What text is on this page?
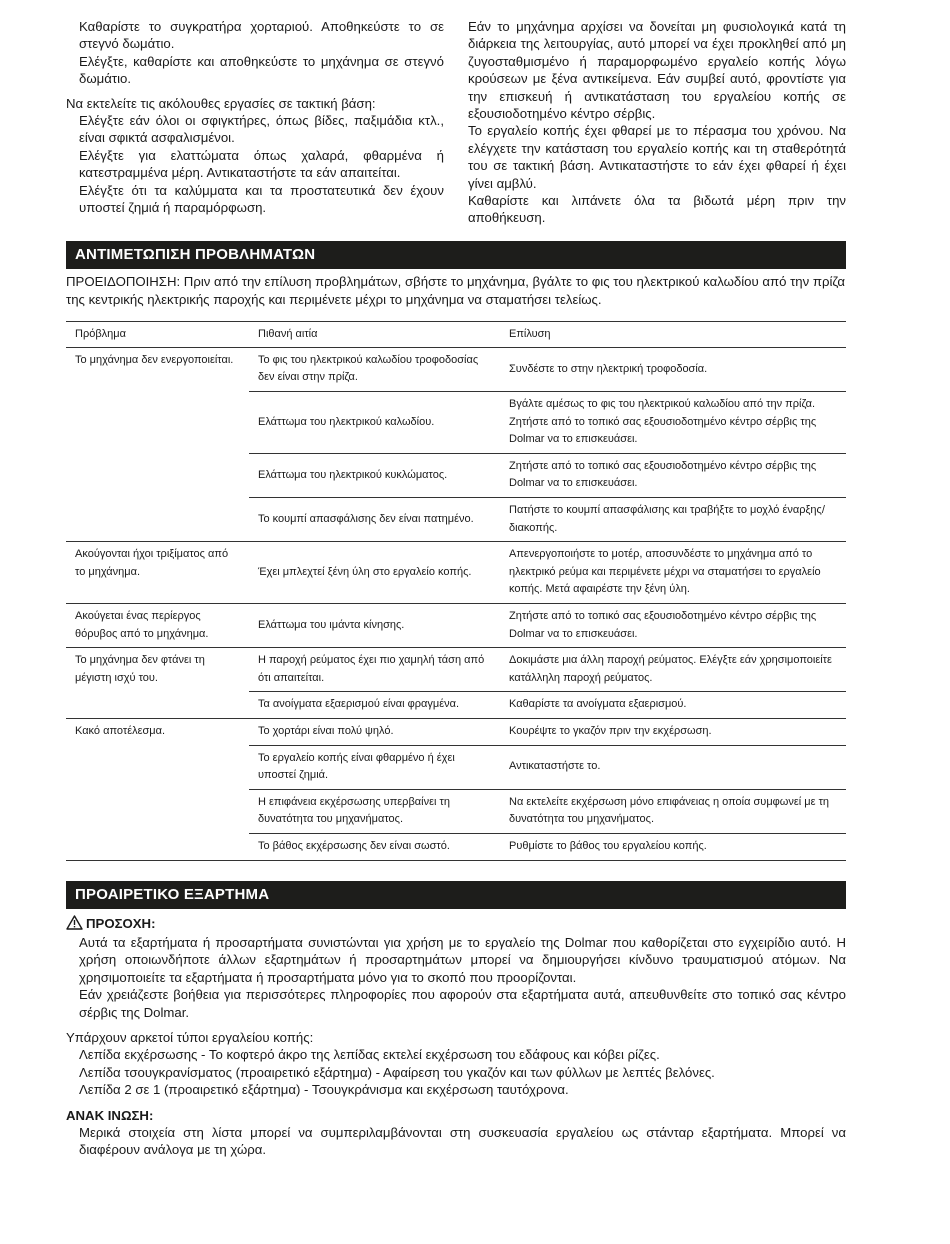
Καθαρίστε το συγκρατήρα χορταριού. Αποθηκεύστε το σε στεγνό δωμάτιο.

Ελέγξτε, καθαρίστε και αποθηκεύστε το μηχάνημα σε στεγνό δωμάτιο.

Να εκτελείτε τις ακόλουθες εργασίες σε τακτική βάση:

Ελέγξτε εάν όλοι οι σφιγκτήρες, όπως βίδες, παξιμάδια κτλ., είναι σφικτά ασφαλισμένοι.

Ελέγξτε για ελαττώματα όπως χαλαρά, φθαρμένα ή κατεστραμμένα μέρη. Αντικαταστήστε τα εάν απαιτείται.

Ελέγξτε ότι τα καλύμματα και τα προστατευτικά δεν έχουν υποστεί ζημιά ή παραμόρφωση.

Εάν το μηχάνημα αρχίσει να δονείται μη φυσιολογικά κατά τη διάρκεια της λειτουργίας, αυτό μπορεί να έχει προκληθεί από μη ζυγοσταθμισμένο ή παραμορφωμένο εργαλείο κοπής λόγω κρούσεων με ξένα αντικείμενα. Εάν συμβεί αυτό, φροντίστε για την επισκευή ή αντικατάσταση του εργαλείου κοπής σε εξουσιοδοτημένο κέντρο σέρβις.

Το εργαλείο κοπής έχει φθαρεί με το πέρασμα του χρόνου. Να ελέγχετε την κατάσταση του εργαλείο κοπής και τη σταθερότητά του σε τακτική βάση. Αντικαταστήστε το εάν έχει φθαρεί ή έχει γίνει αμβλύ.

Καθαρίστε και λιπάνετε όλα τα βιδωτά μέρη πριν την αποθήκευση.

ΑΝΤΙΜΕΤΩΠΙΣΗ ΠΡΟΒΛΗΜΑΤΩΝ

ΠΡΟΕΙΔΟΠΟΙΗΣΗ: Πριν από την επίλυση προβλημάτων, σβήστε το μηχάνημα, βγάλτε το φις του ηλεκτρικού καλωδίου από την πρίζα της κεντρικής ηλεκτρικής παροχής και περιμένετε μέχρι το μηχάνημα να σταματήσει τελείως.

Πρόβλημα	Πιθανή αιτία	Επίλυση
Το μηχάνημα δεν ενεργοποιείται.	Το φις του ηλεκτρικού καλωδίου τροφοδοσίας δεν είναι στην πρίζα.	Συνδέστε το στην ηλεκτρική τροφοδοσία.
	Ελάττωμα του ηλεκτρικού καλωδίου.	Βγάλτε αμέσως το φις του ηλεκτρικού καλωδίου από την πρίζα. Ζητήστε από το τοπικό σας εξουσιοδοτημένο κέντρο σέρβις της Dolmar να το επισκευάσει.
	Ελάττωμα του ηλεκτρικού κυκλώματος.	Ζητήστε από το τοπικό σας εξουσιοδοτημένο κέντρο σέρβις της Dolmar να το επισκευάσει.
	Το κουμπί απασφάλισης δεν είναι πατημένο.	Πατήστε το κουμπί απασφάλισης και τραβήξτε το μοχλό έναρξης/διακοπής.
Ακούγονται ήχοι τριξίματος από το μηχάνημα.	Έχει μπλεχτεί ξένη ύλη στο εργαλείο κοπής.	Απενεργοποιήστε το μοτέρ, αποσυνδέστε το μηχάνημα από το ηλεκτρικό ρεύμα και περιμένετε μέχρι να σταματήσει το εργαλείο κοπής. Μετά αφαιρέστε την ξένη ύλη.
Ακούγεται ένας περίεργος θόρυβος από το μηχάνημα.	Ελάττωμα του ιμάντα κίνησης.	Ζητήστε από το τοπικό σας εξουσιοδοτημένο κέντρο σέρβις της Dolmar να το επισκευάσει.
Το μηχάνημα δεν φτάνει τη μέγιστη ισχύ του.	Η παροχή ρεύματος έχει πιο χαμηλή τάση από ότι απαιτείται.	Δοκιμάστε μια άλλη παροχή ρεύματος. Ελέγξτε εάν χρησιμοποιείτε κατάλληλη παροχή ρεύματος.
	Τα ανοίγματα εξαερισμού είναι φραγμένα.	Καθαρίστε τα ανοίγματα εξαερισμού.
Κακό αποτέλεσμα.	Το χορτάρι είναι πολύ ψηλό.	Κουρέψτε το γκαζόν πριν την εκχέρσωση.
	Το εργαλείο κοπής είναι φθαρμένο ή έχει υποστεί ζημιά.	Αντικαταστήστε το.
	Η επιφάνεια εκχέρσωσης υπερβαίνει τη δυνατότητα του μηχανήματος.	Να εκτελείτε εκχέρσωση μόνο επιφάνειας η οποία συμφωνεί με τη δυνατότητα του μηχανήματος.
	Το βάθος εκχέρσωσης δεν είναι σωστό.	Ρυθμίστε το βάθος του εργαλείου κοπής.
ΠΡΟΑΙΡΕΤΙΚΟ ΕΞΑΡΤΗΜΑ

ΠΡΟΣΟΧΗ:

Αυτά τα εξαρτήματα ή προσαρτήματα συνιστώνται για χρήση με το εργαλείο της Dolmar που καθορίζεται στο εγχειρίδιο αυτό. Η χρήση οποιωνδήποτε άλλων εξαρτημάτων ή προσαρτημάτων μπορεί να δημιουργήσει κίνδυνο τραυματισμού ατόμων. Να χρησιμοποιείτε τα εξαρτήματα ή προσαρτήματα μόνο για το σκοπό που προορίζονται.

Εάν χρειάζεστε βοήθεια για περισσότερες πληροφορίες που αφορούν στα εξαρτήματα αυτά, απευθυνθείτε στο τοπικό σας κέντρο σέρβις της Dolmar.

Υπάρχουν αρκετοί τύποι εργαλείου κοπής:

Λεπίδα εκχέρσωσης - Το κοφτερό άκρο της λεπίδας εκτελεί εκχέρσωση του εδάφους και κόβει ρίζες.

Λεπίδα τσουγκρανίσματος (προαιρετικό εξάρτημα) - Αφαίρεση του γκαζόν και των φύλλων με λεπτές βελόνες.

Λεπίδα 2 σε 1 (προαιρετικό εξάρτημα) - Τσουγκράνισμα και εκχέρσωση ταυτόχρονα.

ΑΝΑΚ ΙΝΩΣΗ:

Μερικά στοιχεία στη λίστα μπορεί να συμπεριλαμβάνονται στη συσκευασία εργαλείου ως στάνταρ εξαρτήματα. Μπορεί να διαφέρουν ανάλογα με τη χώρα.
